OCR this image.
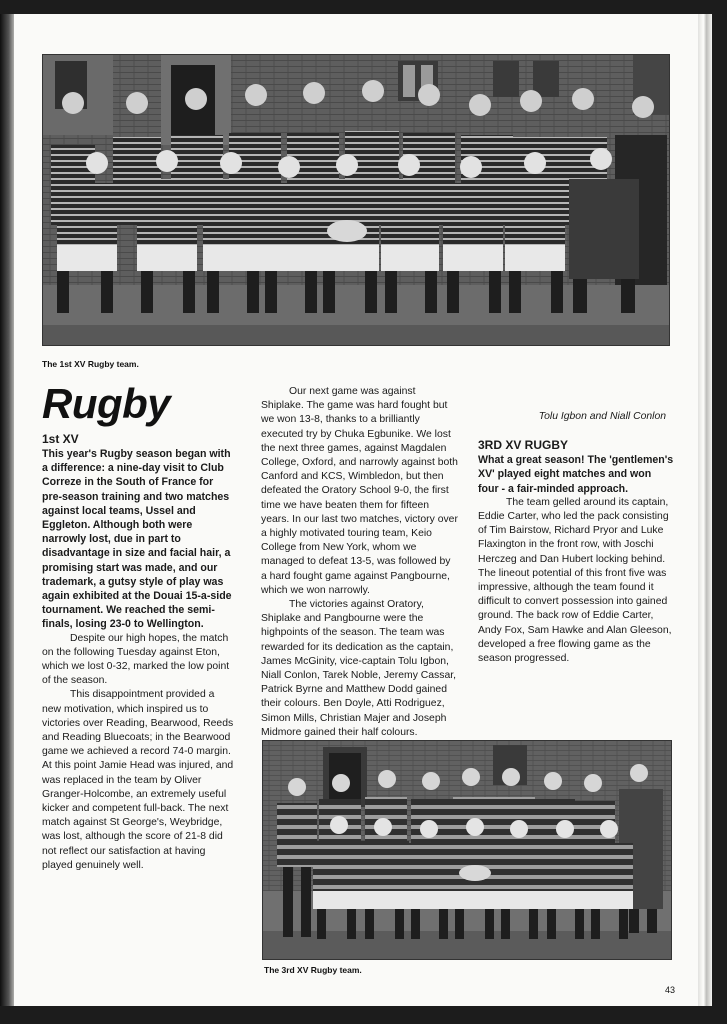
The 1st XV Rugby team.
Rugby

1st XV

This year's Rugby season began with a difference: a nine-day visit to Club Correze in the South of France for pre-season training and two matches against local teams, Ussel and Eggleton. Although both were narrowly lost, due in part to disadvantage in size and facial hair, a promising start was made, and our trademark, a gutsy style of play was again exhibited at the Douai 15-a-side tournament. We reached the semi-finals, losing 23-0 to Wellington.

Despite our high hopes, the match on the following Tuesday against Eton, which we lost 0-32, marked the low point of the season.

This disappointment provided a new motivation, which inspired us to victories over Reading, Bearwood, Reeds and Reading Bluecoats; in the Bearwood game we achieved a record 74-0 margin. At this point Jamie Head was injured, and was replaced in the team by Oliver Granger-Holcombe, an extremely useful kicker and competent full-back. The next match against St George's, Weybridge, was lost, although the score of 21-8 did not reflect our satisfaction at having played genuinely well.

Our next game was against Shiplake. The game was hard fought but we won 13-8, thanks to a brilliantly executed try by Chuka Egbunike. We lost the next three games, against Magdalen College, Oxford, and narrowly against both Canford and KCS, Wimbledon, but then defeated the Oratory School 9-0, the first time we have beaten them for fifteen years. In our last two matches, victory over a highly motivated touring team, Keio College from New York, whom we managed to defeat 13-5, was followed by a hard fought game against Pangbourne, which we won narrowly.

The victories against Oratory, Shiplake and Pangbourne were the highpoints of the season. The team was rewarded for its dedication as the captain, James McGinity, vice-captain Tolu Igbon, Niall Conlon, Tarek Noble, Jeremy Cassar, Patrick Byrne and Matthew Dodd gained their colours. Ben Doyle, Atti Rodriguez, Simon Mills, Christian Majer and Joseph Midmore gained their half colours.

Tolu Igbon and Niall Conlon

3RD XV RUGBY

What a great season! The 'gentlemen's XV' played eight matches and won four - a fair-minded approach.

The team gelled around its captain, Eddie Carter, who led the pack consisting of Tim Bairstow, Richard Pryor and Luke Flaxington in the front row, with Joschi Herczeg and Dan Hubert locking behind. The lineout potential of this front five was impressive, although the team found it difficult to convert possession into gained ground. The back row of Eddie Carter, Andy Fox, Sam Hawke and Alan Gleeson, developed a free flowing game as the season progressed.

The 3rd XV Rugby team.
43
